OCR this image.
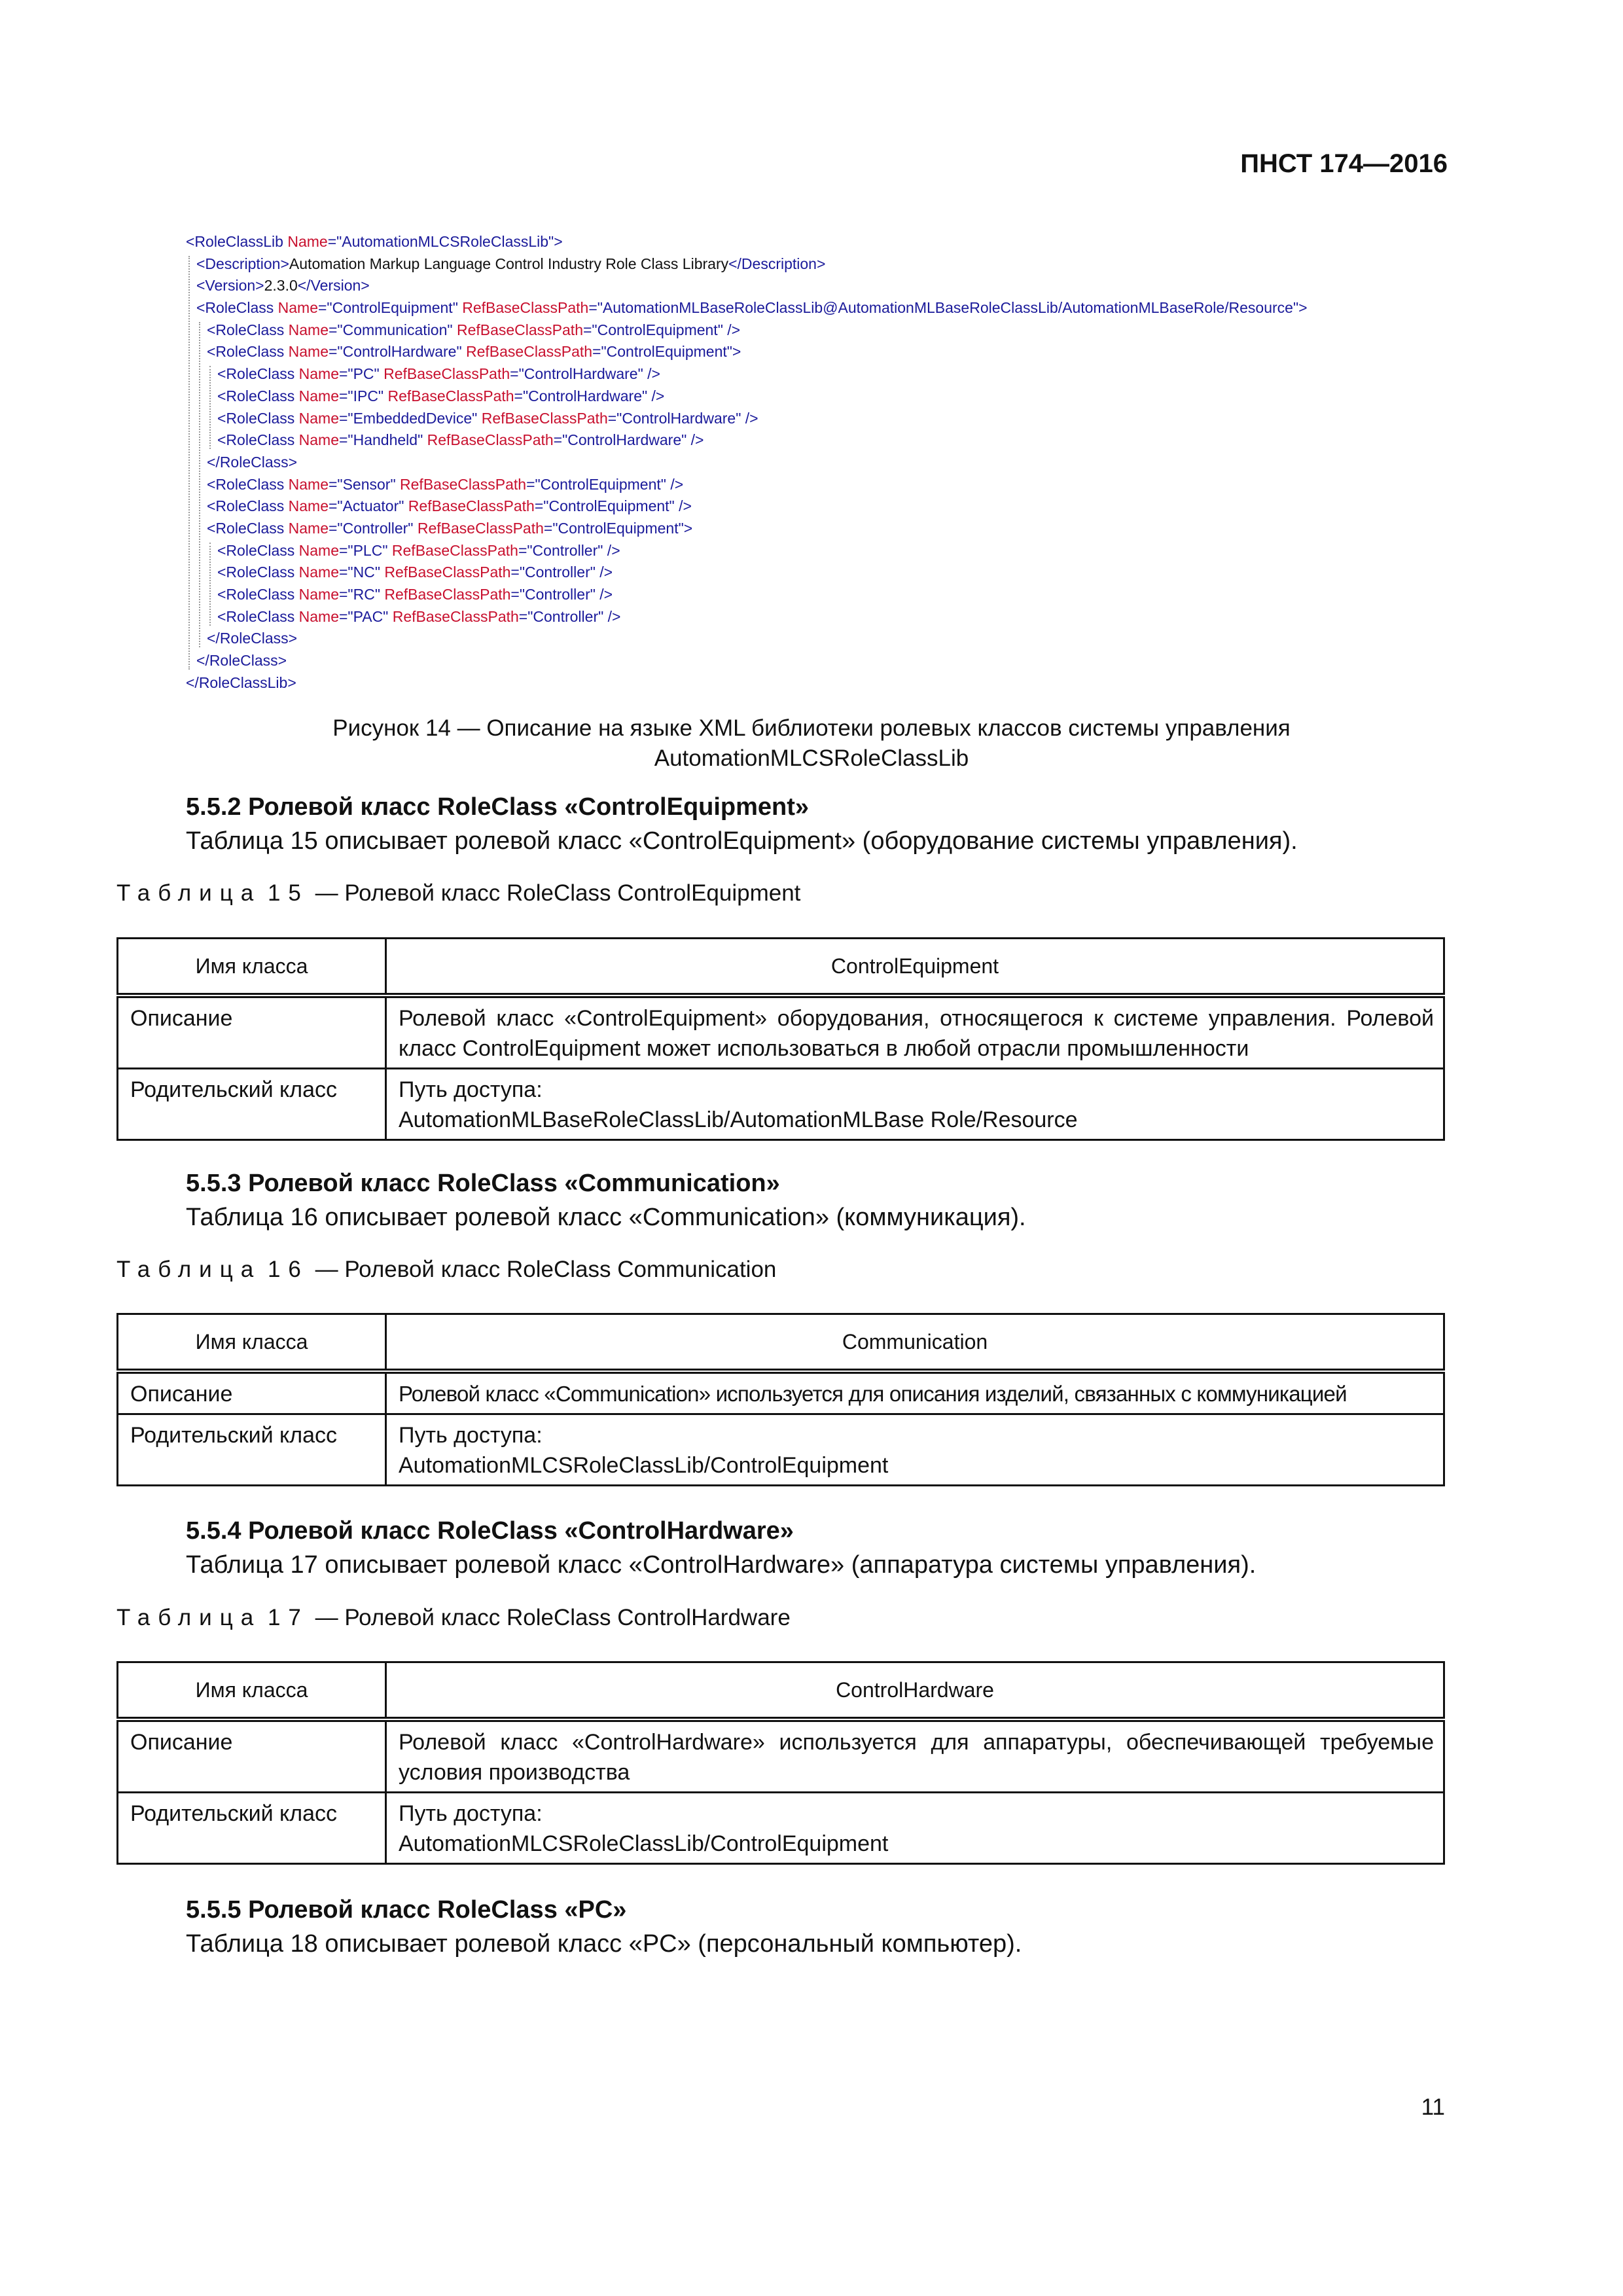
ПНСТ 174—2016
<RoleClassLib Name="AutomationMLCSRoleClassLib">
<Description>Automation Markup Language Control Industry Role Class Library</Description>
<Version>2.3.0</Version>
<RoleClass Name="ControlEquipment" RefBaseClassPath="AutomationMLBaseRoleClassLib@AutomationMLBaseRoleClassLib/AutomationMLBaseRole/Resource">
<RoleClass Name="Communication" RefBaseClassPath="ControlEquipment" />
<RoleClass Name="ControlHardware" RefBaseClassPath="ControlEquipment">
<RoleClass Name="PC" RefBaseClassPath="ControlHardware" />
<RoleClass Name="IPC" RefBaseClassPath="ControlHardware" />
<RoleClass Name="EmbeddedDevice" RefBaseClassPath="ControlHardware" />
<RoleClass Name="Handheld" RefBaseClassPath="ControlHardware" />
</RoleClass>
<RoleClass Name="Sensor" RefBaseClassPath="ControlEquipment" />
<RoleClass Name="Actuator" RefBaseClassPath="ControlEquipment" />
<RoleClass Name="Controller" RefBaseClassPath="ControlEquipment">
<RoleClass Name="PLC" RefBaseClassPath="Controller" />
<RoleClass Name="NC" RefBaseClassPath="Controller" />
<RoleClass Name="RC" RefBaseClassPath="Controller" />
<RoleClass Name="PAC" RefBaseClassPath="Controller" />
</RoleClass>
</RoleClass>
</RoleClassLib>
Рисунок 14 — Описание на языке XML библиотеки ролевых классов системы управления
AutomationMLCSRoleClassLib
5.5.2 Ролевой класс RoleClass «ControlEquipment»
Таблица 15 описывает ролевой класс «ControlEquipment» (оборудование системы управления).
Таблица 15 — Ролевой класс RoleClass ControlEquipment
Имя класса	ControlEquipment
Описание	Ролевой класс «ControlEquipment» оборудования, относящегося к системе управления. Ролевой класс ControlEquipment может использоваться в любой отрасли промышленности
Родительский класс	Путь доступа:
AutomationMLBaseRoleClassLib/AutomationMLBase Role/Resource
5.5.3 Ролевой класс RoleClass «Communication»
Таблица 16 описывает ролевой класс «Communication» (коммуникация).
Таблица 16 — Ролевой класс RoleClass Communication
Имя класса	Communication
Описание	Ролевой класс «Communication» используется для описания изделий, связанных с коммуникацией
Родительский класс	Путь доступа:
AutomationMLCSRoleClassLib/ControlEquipment
5.5.4 Ролевой класс RoleClass «ControlHardware»
Таблица 17 описывает ролевой класс «ControlHardware» (аппаратура системы управления).
Таблица 17 — Ролевой класс RoleClass ControlHardware
Имя класса	ControlHardware
Описание	Ролевой класс «ControlHardware» используется для аппаратуры, обеспечивающей требуемые условия производства
Родительский класс	Путь доступа:
AutomationMLCSRoleClassLib/ControlEquipment
5.5.5 Ролевой класс RoleClass «PC»
Таблица 18 описывает ролевой класс «PC» (персональный компьютер).
11
